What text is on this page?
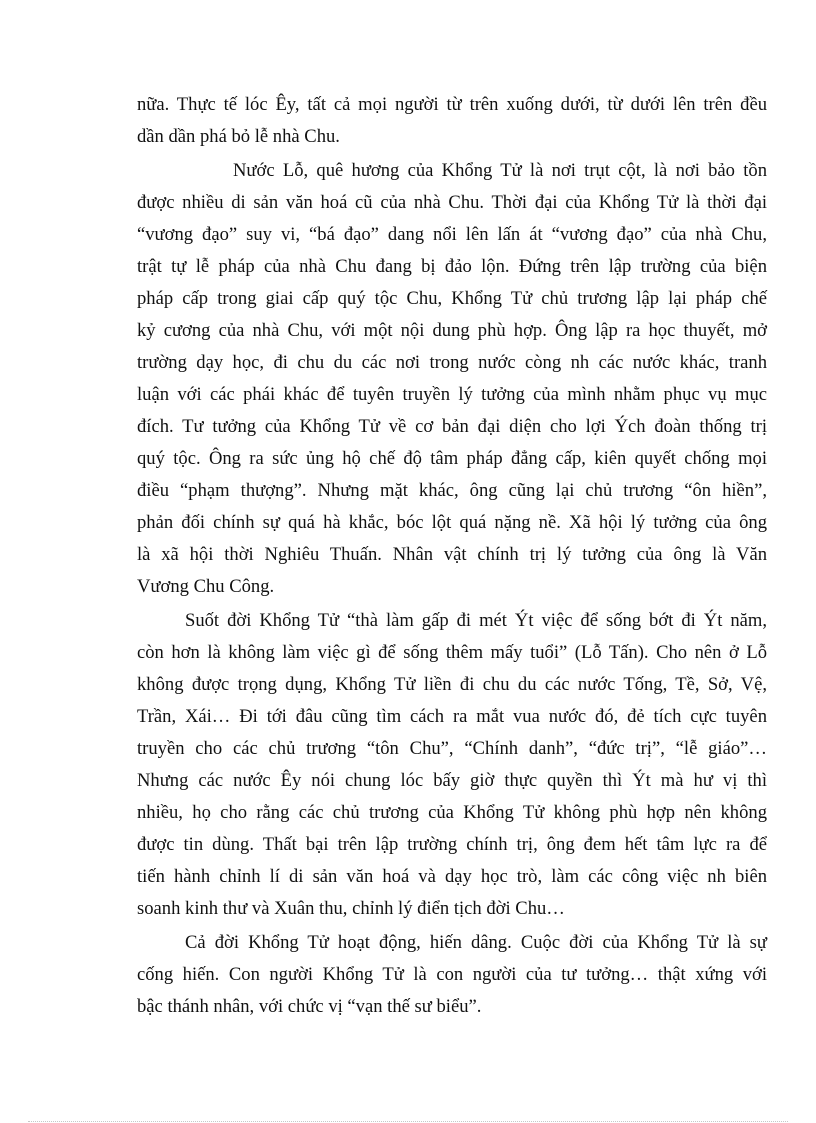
nữa. Thực tế lóc Êy, tất cả mọi người từ trên xuống dưới, từ dưới lên trên đều
dần dần phá bỏ lễ nhà Chu.
Nước Lỗ, quê hương của Khổng Tử là nơi trụt cột, là nơi bảo tồn
được nhiều di sản văn hoá cũ của nhà Chu. Thời đại của Khổng Tử là thời đại
“vương đạo” suy vi, “bá đạo” dang nổi lên lấn át “vương đạo” của nhà Chu,
trật tự lễ pháp của nhà Chu đang bị đảo lộn. Đứng trên lập trường của biện
pháp cấp trong giai cấp quý tộc Chu, Khổng Tử chủ trương lập lại pháp chế
kỷ cương của nhà Chu, với một nội dung phù hợp. Ông lập ra học thuyết, mở
trường dạy học, đi chu du các nơi trong nước còng nh các nước khác, tranh
luận với các phái khác để tuyên truyền lý tưởng của mình nhằm phục vụ mục
đích. Tư tưởng của Khổng Tử về cơ bản đại diện cho lợi Ých đoàn thống trị
quý tộc. Ông ra sức ủng hộ chế độ tâm pháp đẳng cấp, kiên quyết chống mọi
điều “phạm thượng”. Nhưng mặt khác, ông cũng lại chủ trương “ôn hiền”,
phản đối chính sự quá hà khắc, bóc lột quá nặng nề. Xã hội lý tưởng của ông
là xã hội thời Nghiêu Thuấn. Nhân vật chính trị lý tưởng của ông là Văn
Vương Chu Công.
Suốt đời Khổng Tử “thà làm gấp đi mét Ýt việc để sống bớt đi Ýt năm,
còn hơn là không làm việc gì để sống thêm mấy tuổi” (Lỗ Tấn). Cho nên ở Lỗ
không được trọng dụng, Khổng Tử liền đi chu du các nước Tống, Tề, Sở, Vệ,
Trần, Xái… Đi tới đâu cũng tìm cách ra mắt vua nước đó, đẻ tích cực tuyên
truyền cho các chủ trương “tôn Chu”, “Chính danh”, “đức trị”, “lễ giáo”…
Nhưng các nước Êy nói chung lóc bấy giờ thực quyền thì Ýt mà hư vị thì
nhiều, họ cho rằng các chủ trương của Khổng Tử không phù hợp nên không
được tin dùng. Thất bại trên lập trường chính trị, ông đem hết tâm lực ra để
tiến hành chỉnh lí di sản văn hoá và dạy học trò, làm các công việc nh biên
soanh kinh thư và Xuân thu, chỉnh lý điển tịch đời Chu…
Cả đời Khổng Tử hoạt động, hiến dâng. Cuộc đời của Khổng Tử là sự
cống hiến. Con người Khổng Tử là con người của tư tưởng… thật xứng với
bậc thánh nhân, với chức vị “vạn thế sư biểu”.
